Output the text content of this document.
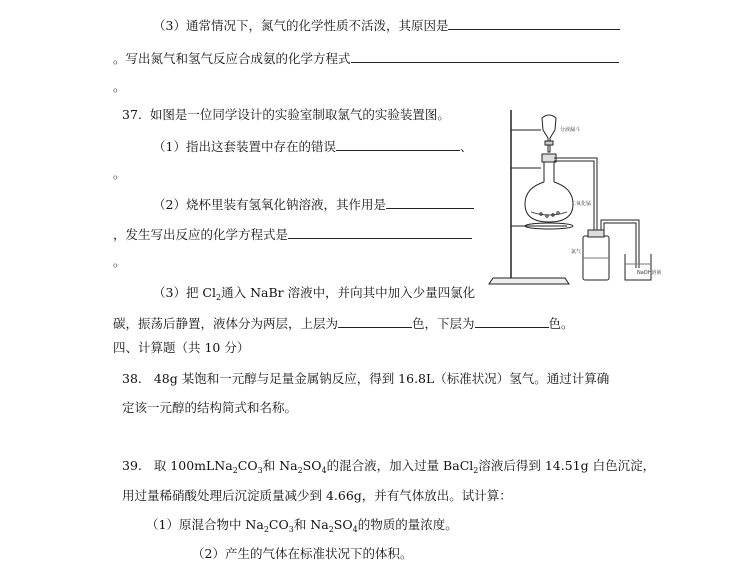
（3）通常情况下，氮气的化学性质不活泼，其原因是
。写出氮气和氢气反应合成氨的化学方程式
。
37. 如图是一位同学设计的实验室制取氯气的实验装置图。
（1）指出这套装置中存在的错误	、
。
（2）烧杯里装有氢氧化钠溶液，其作用是
，发生写出反应的化学方程式是
。
（3）把 $Cl_2$通入 NaBr 溶液中，并向其中加入少量四氯化
碳，振荡后静置，液体分为两层，上层为	色，下层为	色。
分液漏斗
二氧化锰
氯气
NaOH溶液
四、计算题（共 10 分）
38. 48g 某饱和一元醇与足量金属钠反应，得到 16.8L（标准状况）氢气。通过计算确
定该一元醇的结构简式和名称。
39. 取 $100mLNa_2CO_3$和 $Na_2SO_4$的混合液，加入过量 BaCl$_2$溶液后得到 14.51g 白色沉淀，
用过量稀硝酸处理后沉淀质量减少到 4.66g，并有气体放出。试计算：
（1）原混合物中 $Na_2CO_3$和 $Na_2SO_4$的物质的量浓度。
（2）产生的气体在标准状况下的体积。
